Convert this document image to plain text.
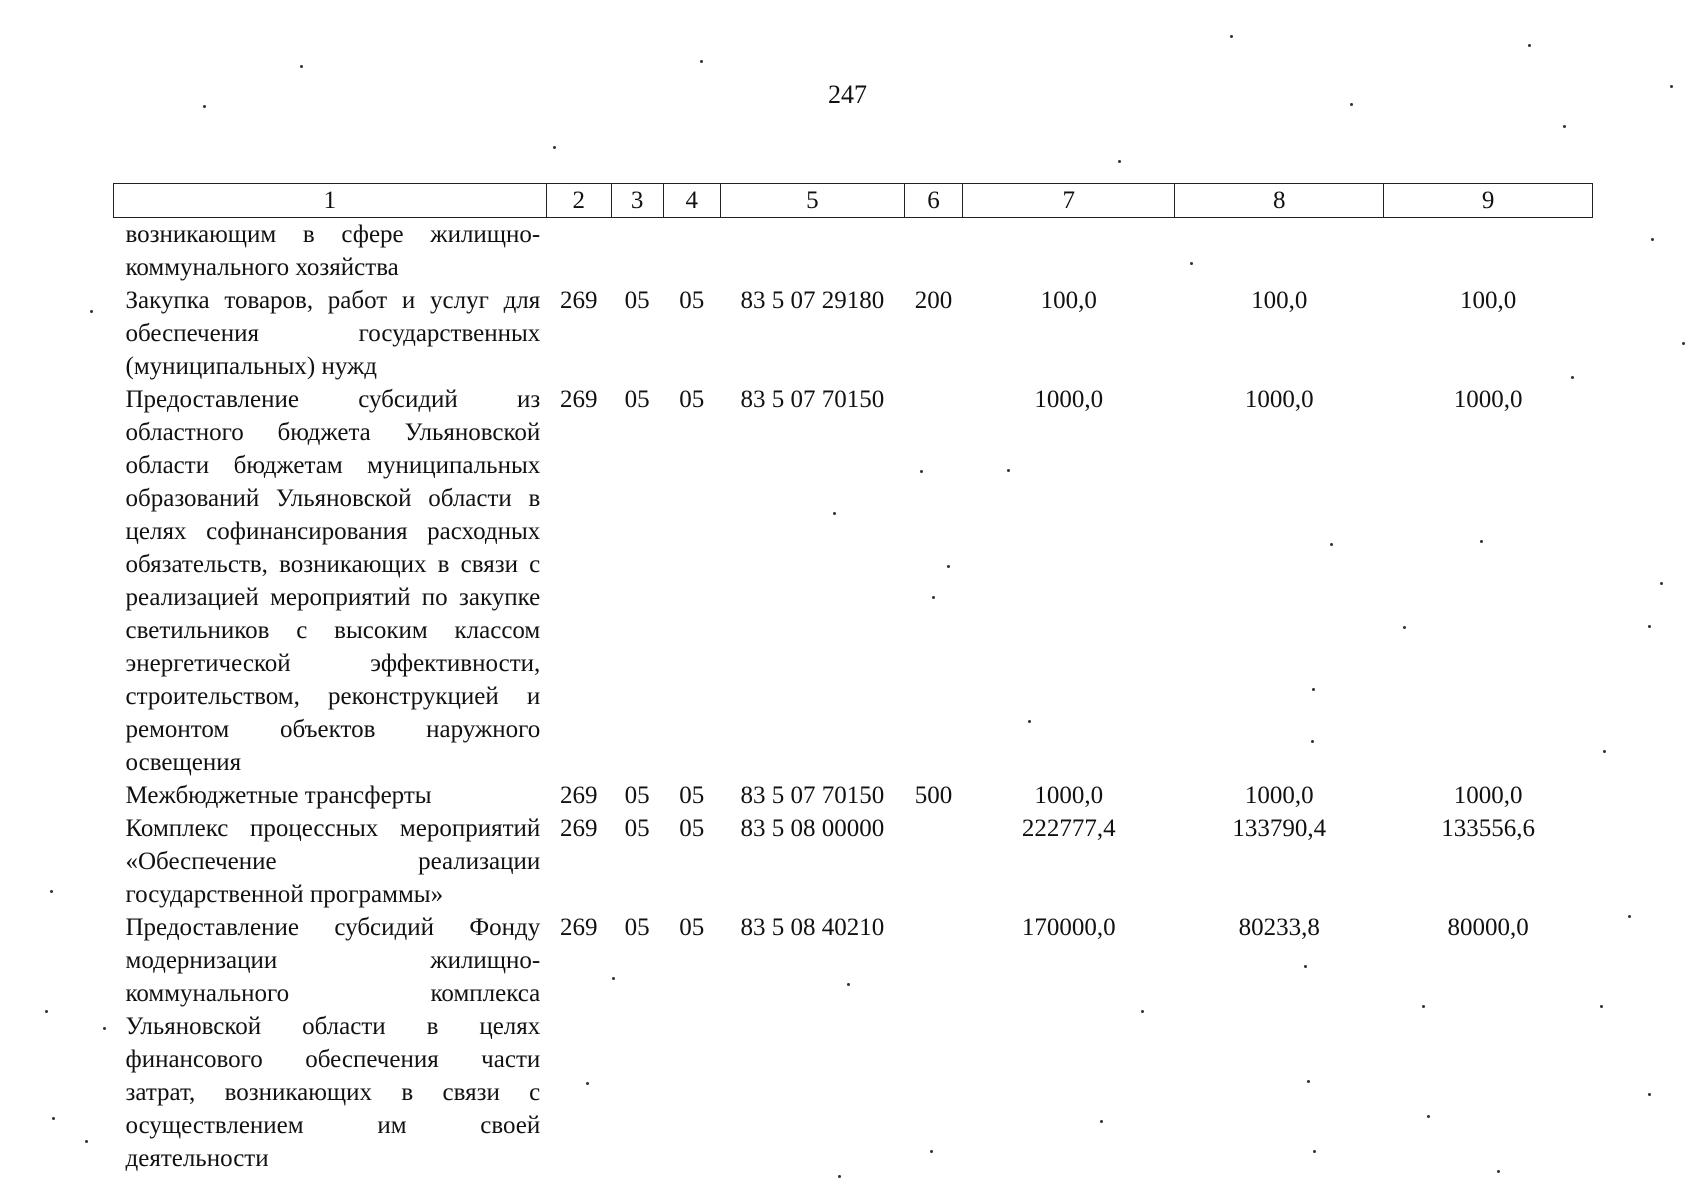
247
1	2	3	4	5	6	7	8	9
возникающим в сфере жилищно-коммунального хозяйства								
Закупка товаров, работ и услуг для обеспечения государственных (муниципальных) нужд	269	05	05	83 5 07 29180	200	100,0	100,0	100,0
Предоставление субсидий из областного бюджета Ульяновской области бюджетам муниципальных образований Ульяновской области в целях софинансирования расходных обязательств, возникающих в связи с реализацией мероприятий по закупке светильников с высоким классом энергетической эффективности, строительством, реконструкцией и ремонтом объектов наружного освещения	269	05	05	83 5 07 70150		1000,0	1000,0	1000,0
Межбюджетные трансферты	269	05	05	83 5 07 70150	500	1000,0	1000,0	1000,0
Комплекс процессных мероприятий «Обеспечение реализации государственной программы»	269	05	05	83 5 08 00000		222777,4	133790,4	133556,6
Предоставление субсидий Фонду модернизации жилищно-коммунального комплекса Ульяновской области в целях финансового обеспечения части затрат, возникающих в связи с осуществлением им своей деятельности	269	05	05	83 5 08 40210		170000,0	80233,8	80000,0
